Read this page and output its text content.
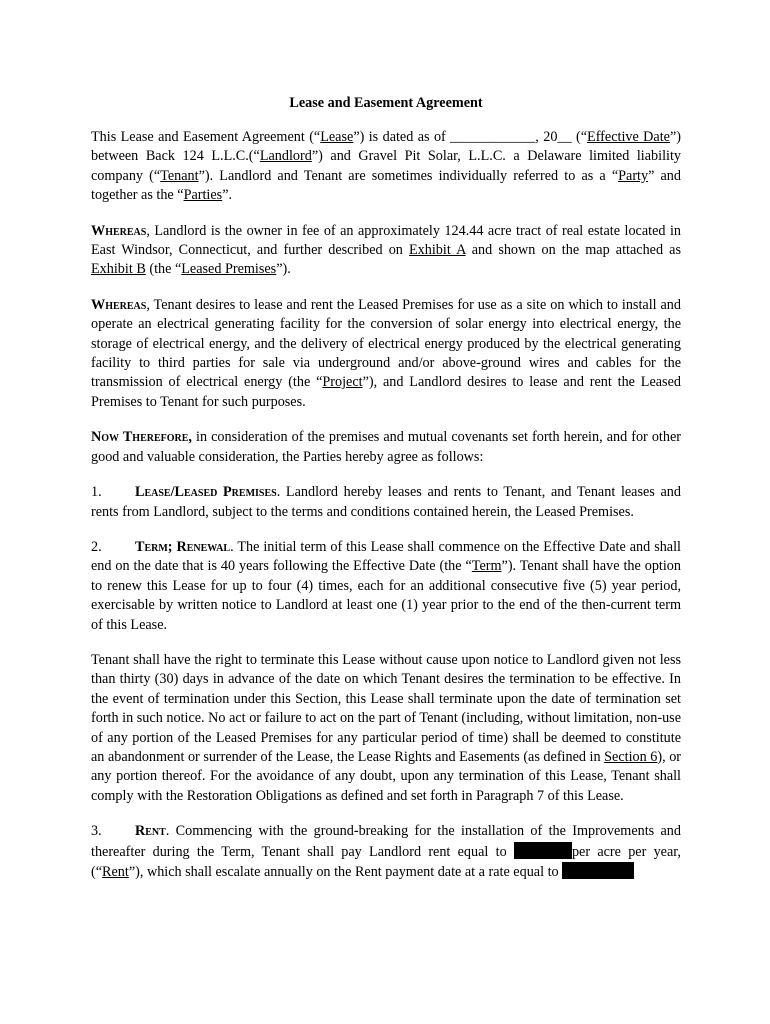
Lease and Easement Agreement

This Lease and Easement Agreement (“Lease”) is dated as of ____________, 20__ (“Effective Date”) between Back 124 L.L.C.(“Landlord”) and Gravel Pit Solar, L.L.C. a Delaware limited liability company (“Tenant”). Landlord and Tenant are sometimes individually referred to as a “Party” and together as the “Parties”.

Whereas, Landlord is the owner in fee of an approximately 124.44 acre tract of real estate located in East Windsor, Connecticut, and further described on Exhibit A and shown on the map attached as Exhibit B (the “Leased Premises”).

Whereas, Tenant desires to lease and rent the Leased Premises for use as a site on which to install and operate an electrical generating facility for the conversion of solar energy into electrical energy, the storage of electrical energy, and the delivery of electrical energy produced by the electrical generating facility to third parties for sale via underground and/or above-ground wires and cables for the transmission of electrical energy (the “Project”), and Landlord desires to lease and rent the Leased Premises to Tenant for such purposes.

Now Therefore, in consideration of the premises and mutual covenants set forth herein, and for other good and valuable consideration, the Parties hereby agree as follows:

1. Lease/Leased Premises. Landlord hereby leases and rents to Tenant, and Tenant leases and rents from Landlord, subject to the terms and conditions contained herein, the Leased Premises.

2. Term; Renewal. The initial term of this Lease shall commence on the Effective Date and shall end on the date that is 40 years following the Effective Date (the “Term”). Tenant shall have the option to renew this Lease for up to four (4) times, each for an additional consecutive five (5) year period, exercisable by written notice to Landlord at least one (1) year prior to the end of the then-current term of this Lease.

Tenant shall have the right to terminate this Lease without cause upon notice to Landlord given not less than thirty (30) days in advance of the date on which Tenant desires the termination to be effective. In the event of termination under this Section, this Lease shall terminate upon the date of termination set forth in such notice. No act or failure to act on the part of Tenant (including, without limitation, non-use of any portion of the Leased Premises for any particular period of time) shall be deemed to constitute an abandonment or surrender of the Lease, the Lease Rights and Easements (as defined in Section 6), or any portion thereof. For the avoidance of any doubt, upon any termination of this Lease, Tenant shall comply with the Restoration Obligations as defined and set forth in Paragraph 7 of this Lease.

3. Rent. Commencing with the ground-breaking for the installation of the Improvements and thereafter during the Term, Tenant shall pay Landlord rent equal to	per acre per year, (“Rent”), which shall escalate annually on the Rent payment date at a rate equal to
